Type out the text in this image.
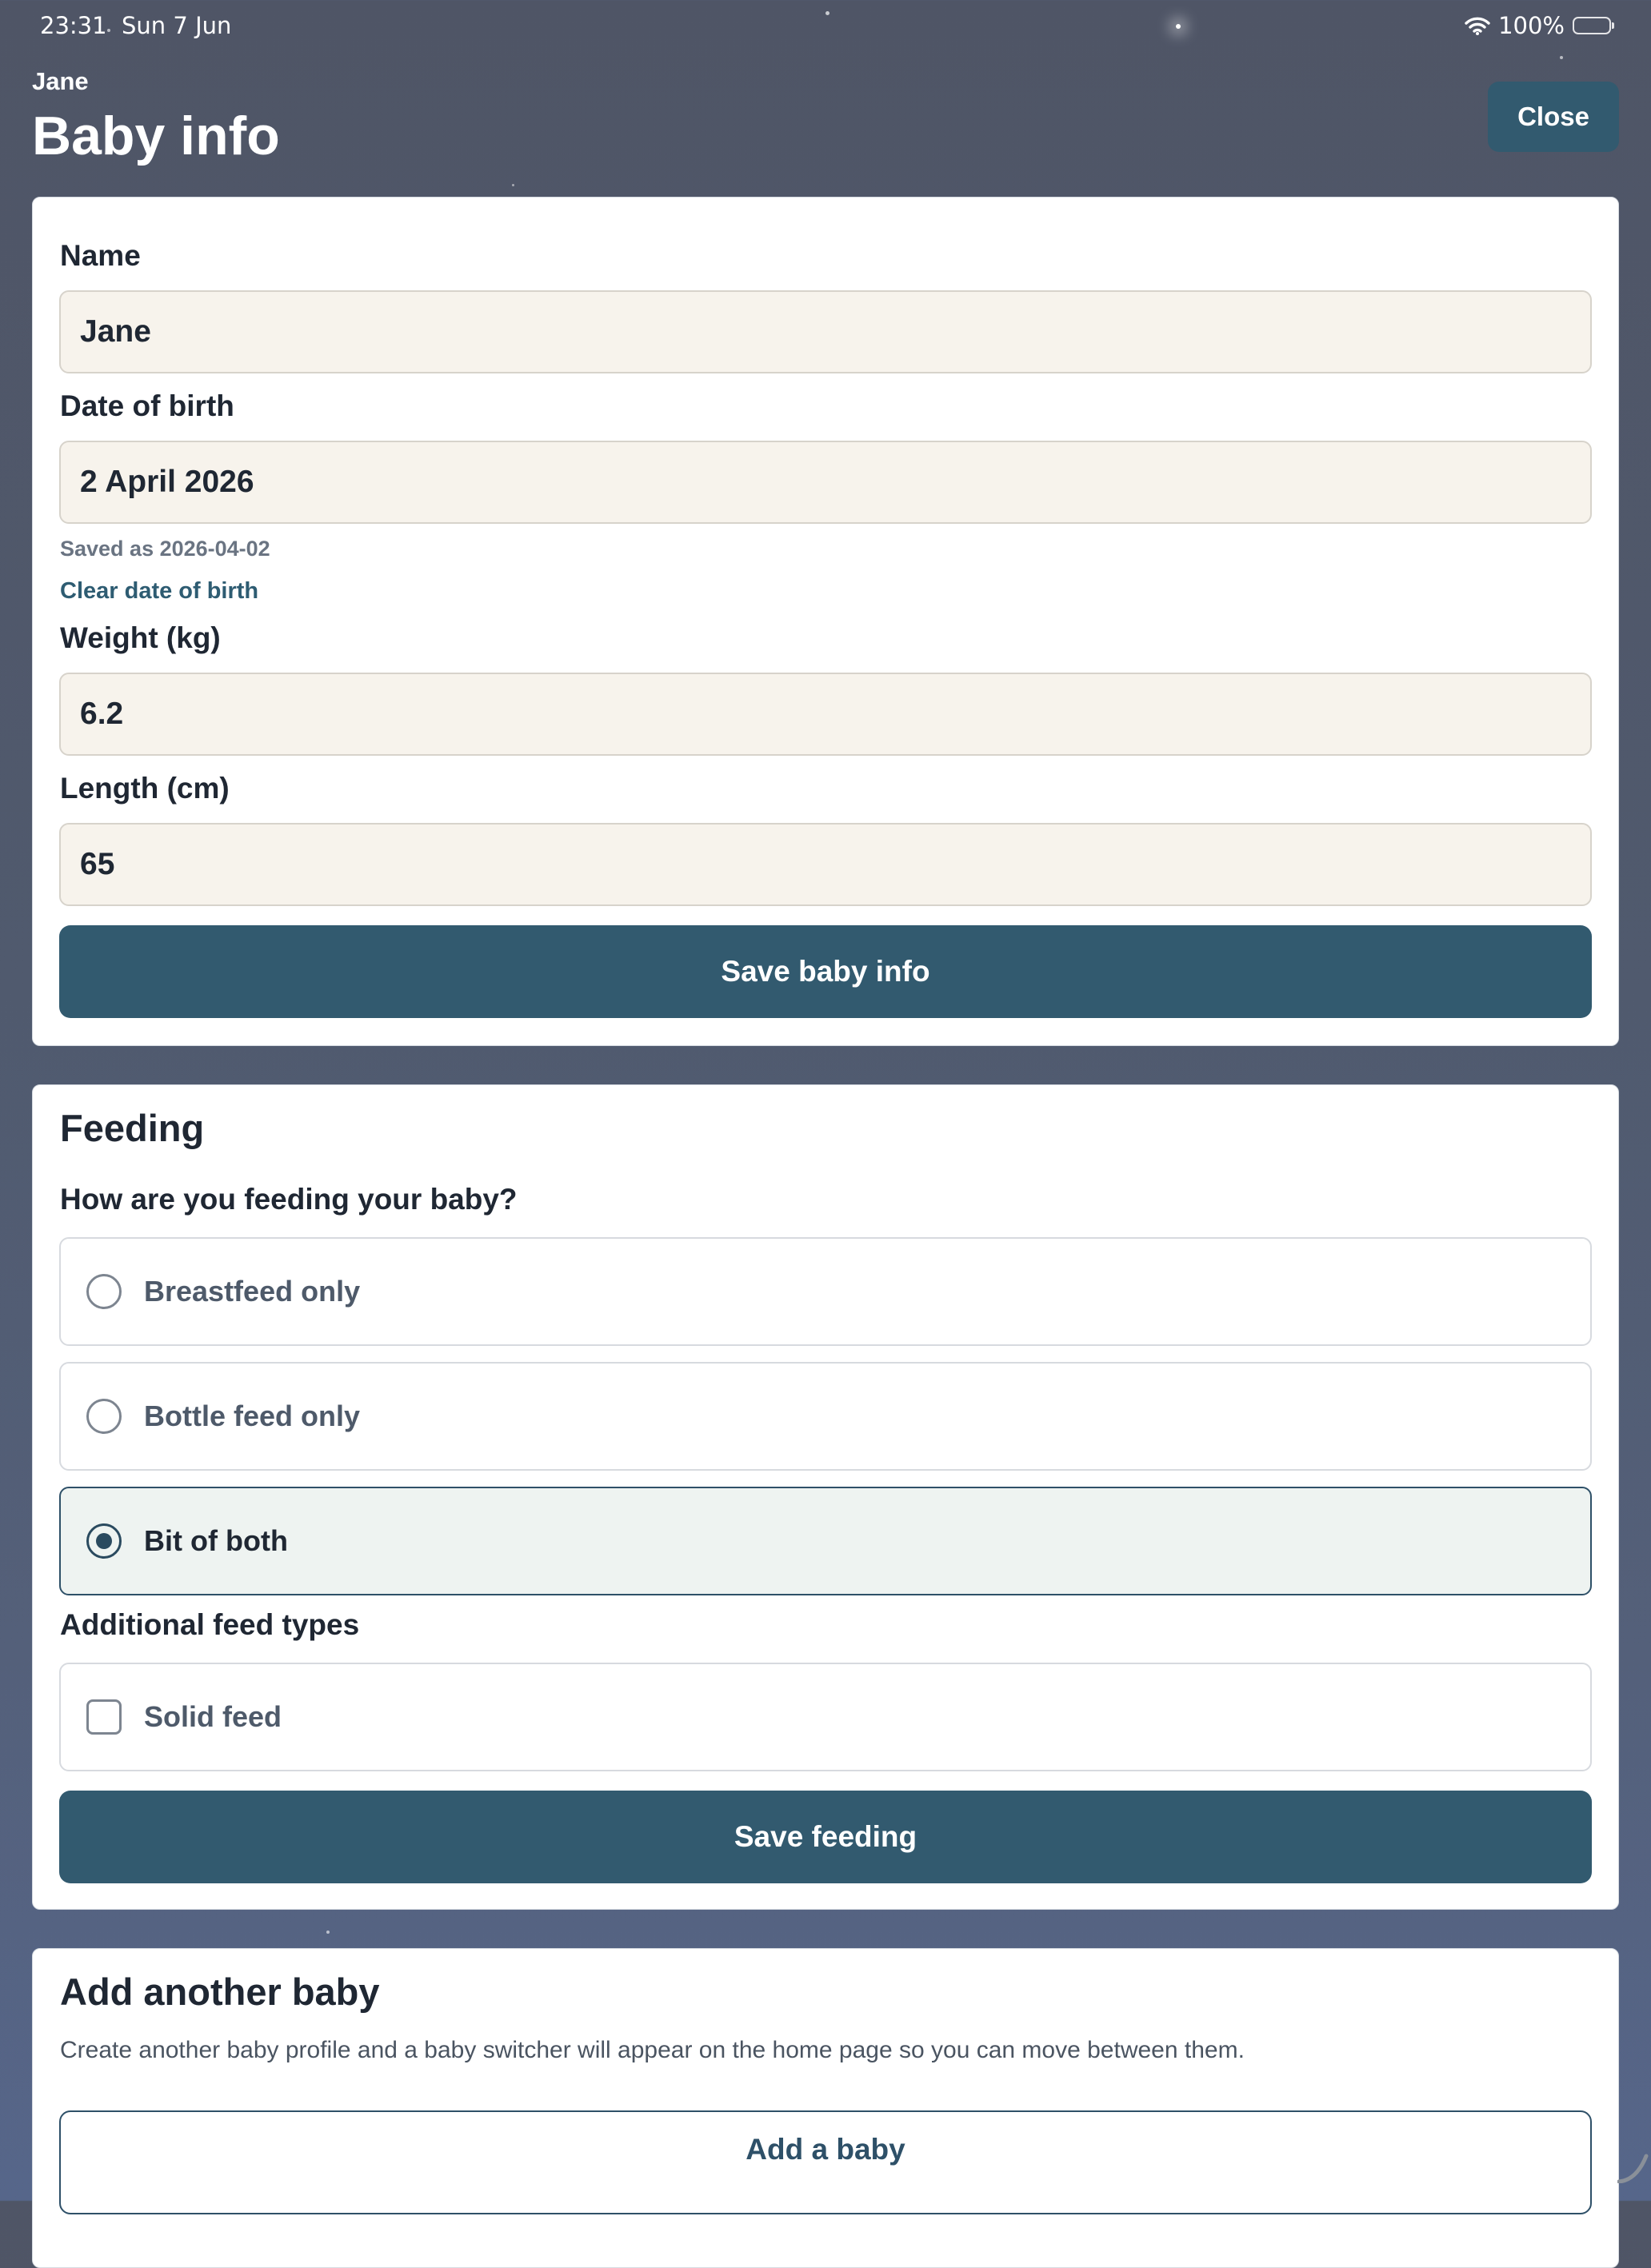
23:31 Sun 7 Jun	100%
Jane
Baby info	Close
Name
Jane
Date of birth
2 April 2026
Saved as 2026-04-02
Clear date of birth
Weight (kg)
6.2
Length (cm)
65
Save baby info
Feeding
How are you feeding your baby?
Breastfeed only
Bottle feed only
Bit of both
Additional feed types
Solid feed
Save feeding
Add another baby
Create another baby profile and a baby switcher will appear on the home page so you can move between them.
Add a baby
